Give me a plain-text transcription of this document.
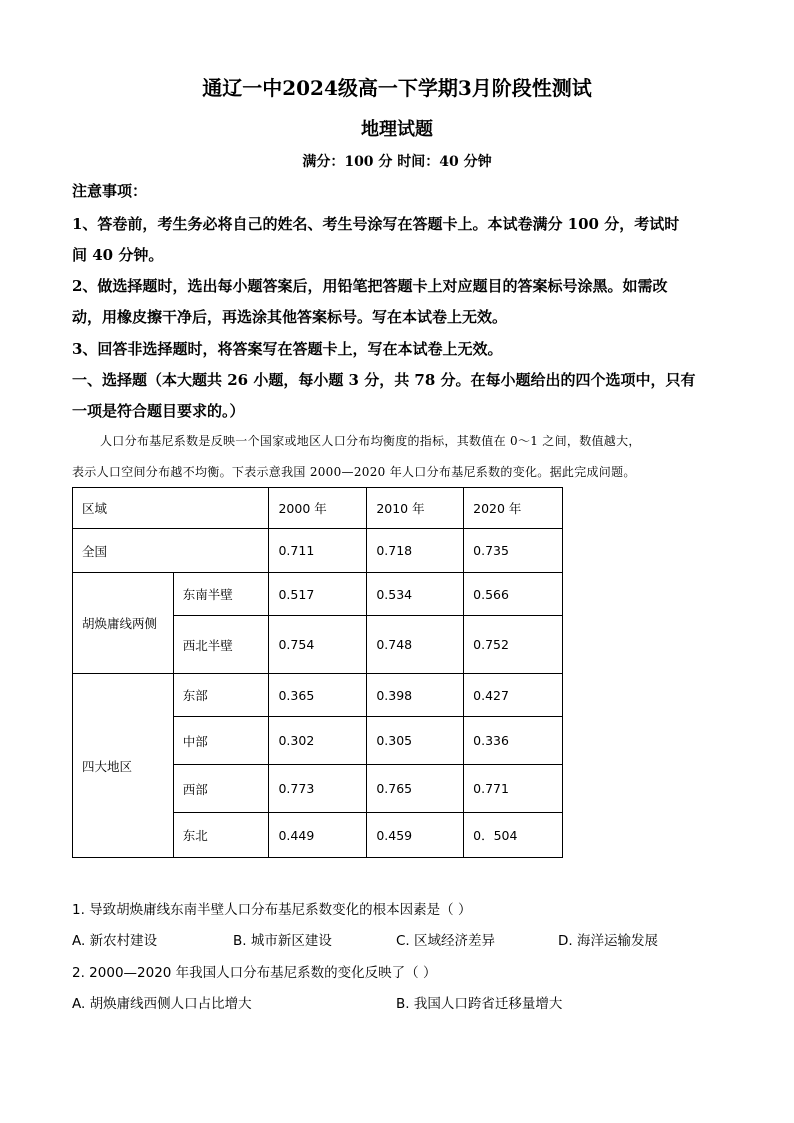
通辽一中2024级高一下学期3月阶段性测试
地理试题
满分：100 分 时间：40 分钟
注意事项：
1、答卷前，考生务必将自己的姓名、考生号涂写在答题卡上。本试卷满分 100 分，考试时
间 40 分钟。
2、做选择题时，选出每小题答案后，用铅笔把答题卡上对应题目的答案标号涂黑。如需改
动，用橡皮擦干净后，再选涂其他答案标号。写在本试卷上无效。
3、回答非选择题时，将答案写在答题卡上，写在本试卷上无效。
一、选择题（本大题共 26 小题，每小题 3 分，共 78 分。在每小题给出的四个选项中，只有
一项是符合题目要求的。）
人口分布基尼系数是反映一个国家或地区人口分布均衡度的指标，其数值在 0～1 之间，数值越大，
表示人口空间分布越不均衡。下表示意我国 2000—2020 年人口分布基尼系数的变化。据此完成问题。
区域		2000 年	2010 年	2020 年
全国		0.711	0.718	0.735
胡焕庸线两侧	东南半壁	0.517	0.534	0.566
	西北半壁	0.754	0.748	0.752
四大地区	东部	0.365	0.398	0.427
	中部	0.302	0.305	0.336
	西部	0.773	0.765	0.771
	东北	0.449	0.459	0．504
1. 导致胡焕庸线东南半壁人口分布基尼系数变化的根本因素是（ ）
A. 新农村建设	B. 城市新区建设	C. 区域经济差异	D. 海洋运输发展
2. 2000—2020 年我国人口分布基尼系数的变化反映了（ ）
A. 胡焕庸线西侧人口占比增大	B. 我国人口跨省迁移量增大
